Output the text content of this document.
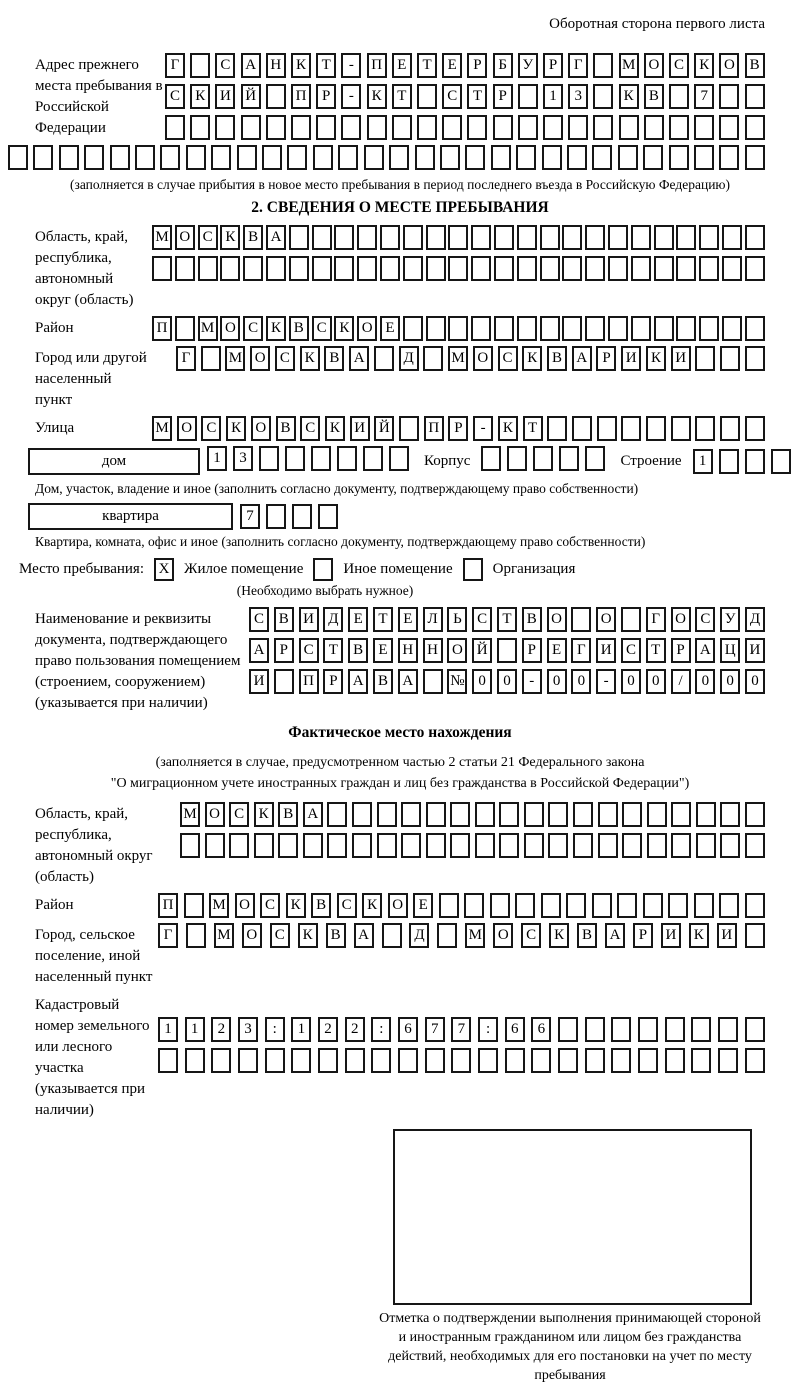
Оборотная сторона первого листа
Адрес прежнего места пребывания в Российской Федерации
Г	С А Н К	Т	-	П	Е	Т	Е	Р	Б	У	Р	Г	М О С	К О В
С	К И Й	П	Р	-	К	Т	С	Т	Р	1	3	К	В	7
(заполняется в случае прибытия в новое место пребывания в период последнего въезда в Российскую Федерацию)
2. СВЕДЕНИЯ О МЕСТЕ ПРЕБЫВАНИЯ
Область, край, республика, автономный округ (область)
М О С К В А
Район	П	М О С К В С К О Е
Город или другой населенный пункт
Г	М О С К В А	Д	М О С К В А	Р	И К И
Улица	М О С К О В С К И Й	П	Р	-	К	Т
дом	1	3	Корпус	Строение	1
Дом, участок, владение и иное (заполнить согласно документу, подтверждающему право собственности)
квартира	7
Квартира, комната, офис и иное (заполнить согласно документу, подтверждающему право собственности)
Место пребывания: X Жилое помещение	Иное помещение	Организация
(Необходимо выбрать нужное)
Наименование и реквизиты документа, подтверждающего право пользования помещением (строением, сооружением) (указывается при наличии)
С В И Д	Е	Т	Е	Л	Ь	С	Т	В О	О	Г	О С У Д
А	Р	С	Т	В	Е Н Н О Й	Р	Е	Г	И С	Т	Р	А Ц И
И	П	Р	А В А	№ 0	0	-	0	0	-	0	0	/	0	0	0
Фактическое место нахождения
(заполняется в случае, предусмотренном частью 2 статьи 21 Федерального закона
"О миграционном учете иностранных граждан и лиц без гражданства в Российской Федерации")
Область, край, республика, автономный округ (область)
М О С К В А
Район	П	М О	С	К	В	С	К	О	Е
Город, сельское поселение, иной населенный пункт
Г	М	О	С	К	В	А	Д	М	О	С	К	В	А	Р	И	К	И
Кадастровый номер земельного или лесного участка (указывается при наличии)
1	1	2	3	:	1	2	2	:	6	7	7	:	6	6
Отметка о подтверждении выполнения принимающей стороной и иностранным гражданином или лицом без гражданства действий, необходимых для его постановки на учет по месту пребывания
